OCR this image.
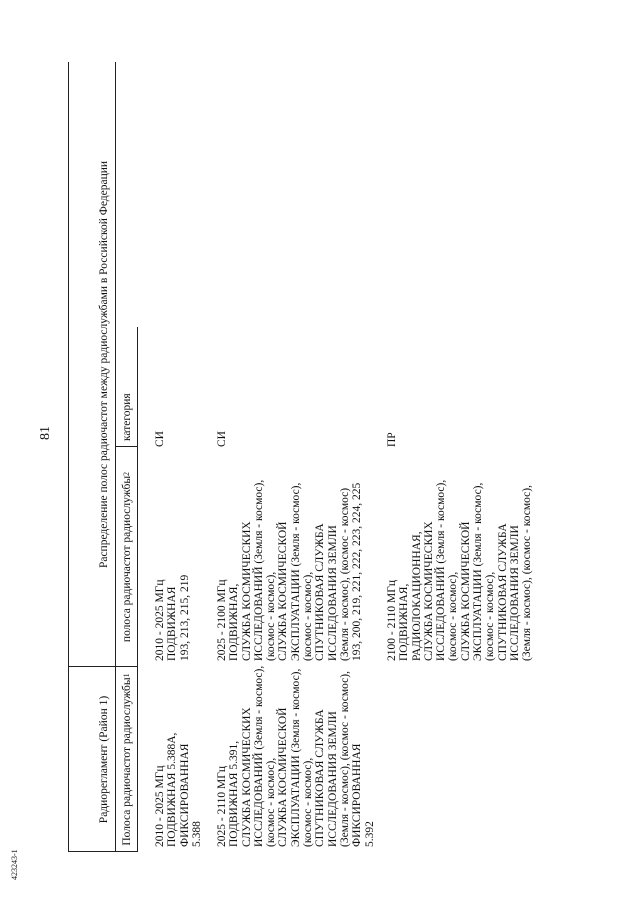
81
423243-1
Радиорегламент (Район 1) Полоса радиочастот радиослужбы
1
Распределение полос радиочастот между радиослужбами в Российской Федерации полоса радиочастот радиослужбы
2
категория
2010 - 2025 МГц ПОДВИЖНАЯ 5.388А, ФИКСИРОВАННАЯ 5.388
2010 - 2025 МГц ПОДВИЖНАЯ 193, 213, 215, 219
СИ
2025 - 2110 МГц ПОДВИЖНАЯ 5.391, СЛУЖБА КОСМИЧЕСКИХ ИССЛЕДОВАНИЙ (Земля - космос), (космос - космос), СЛУЖБА КОСМИЧЕСКОЙ ЭКСПЛУАТАЦИИ (Земля - космос), (космос - космос), СПУТНИКОВАЯ СЛУЖБА ИССЛЕДОВАНИЯ ЗЕМЛИ (Земля - космос), (космос - космос), ФИКСИРОВАННАЯ 5.392
2025 - 2100 МГц ПОДВИЖНАЯ, СЛУЖБА КОСМИЧЕСКИХ ИССЛЕДОВАНИЙ (Земля - космос), (космос - космос), СЛУЖБА КОСМИЧЕСКОЙ ЭКСПЛУАТАЦИИ (Земля - космос), (космос - космос), СПУТНИКОВАЯ СЛУЖБА ИССЛЕДОВАНИЯ ЗЕМЛИ (Земля - космос), (космос - космос) 193, 200, 219, 221, 222, 223, 224, 225
СИ
2100 - 2110 МГц ПОДВИЖНАЯ, РАДИОЛОКАЦИОННАЯ, СЛУЖБА КОСМИЧЕСКИХ ИССЛЕДОВАНИЙ (Земля - космос), (космос - космос), СЛУЖБА КОСМИЧЕСКОЙ ЭКСПЛУАТАЦИИ (Земля - космос), (космос - космос), СПУТНИКОВАЯ СЛУЖБА ИССЛЕДОВАНИЯ ЗЕМЛИ (Земля - космос), (космос - космос),
ПР
